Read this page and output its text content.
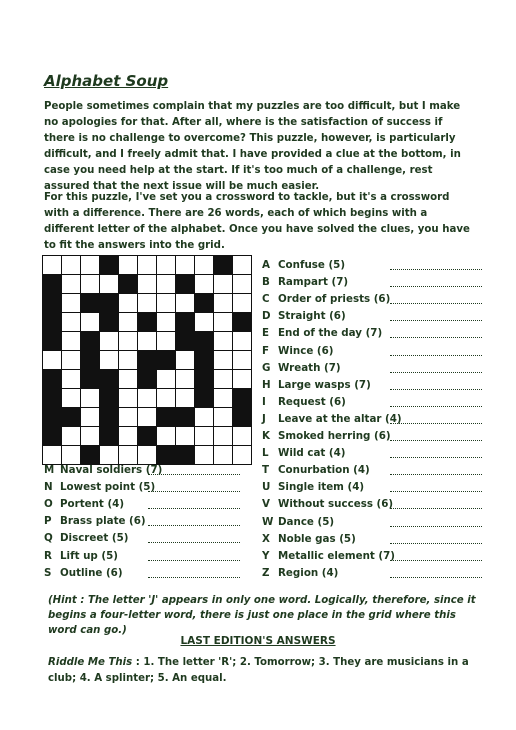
Alphabet Soup

People sometimes complain that my puzzles are too difficult, but I make no apologies for that. After all, where is the satisfaction of success if there is no challenge to overcome? This puzzle, however, is particularly difficult, and I freely admit that. I have provided a clue at the bottom, in case you need help at the start. If it's too much of a challenge, rest assured that the next issue will be much easier.

For this puzzle, I've set you a crossword to tackle, but it's a crossword with a difference. There are 26 words, each of which begins with a different letter of the alphabet. Once you have solved the clues, you have to fit the answers into the grid.

A Confuse (5)
B Rampart (7)
C Order of priests (6)
D Straight (6)
E End of the day (7)
F Wince (6)
G Wreath (7)
H Large wasps (7)
I Request (6)
J Leave at the altar (4)
K Smoked herring (6)
L Wild cat (4)
T Conurbation (4)
U Single item (4)
V Without success (6)
W Dance (5)
X Noble gas (5)
Y Metallic element (7)
Z Region (4)
M Naval soldiers (7)
N Lowest point (5)
O Portent (4)
P Brass plate (6)
Q Discreet (5)
R Lift up (5)
S Outline (6)

(Hint : The letter 'J' appears in only one word. Logically, therefore, since it begins a four-letter word, there is just one place in the grid where this word can go.)

LAST EDITION'S ANSWERS

Riddle Me This : 1. The letter 'R'; 2. Tomorrow; 3. They are musicians in a club; 4. A splinter; 5. An equal.
